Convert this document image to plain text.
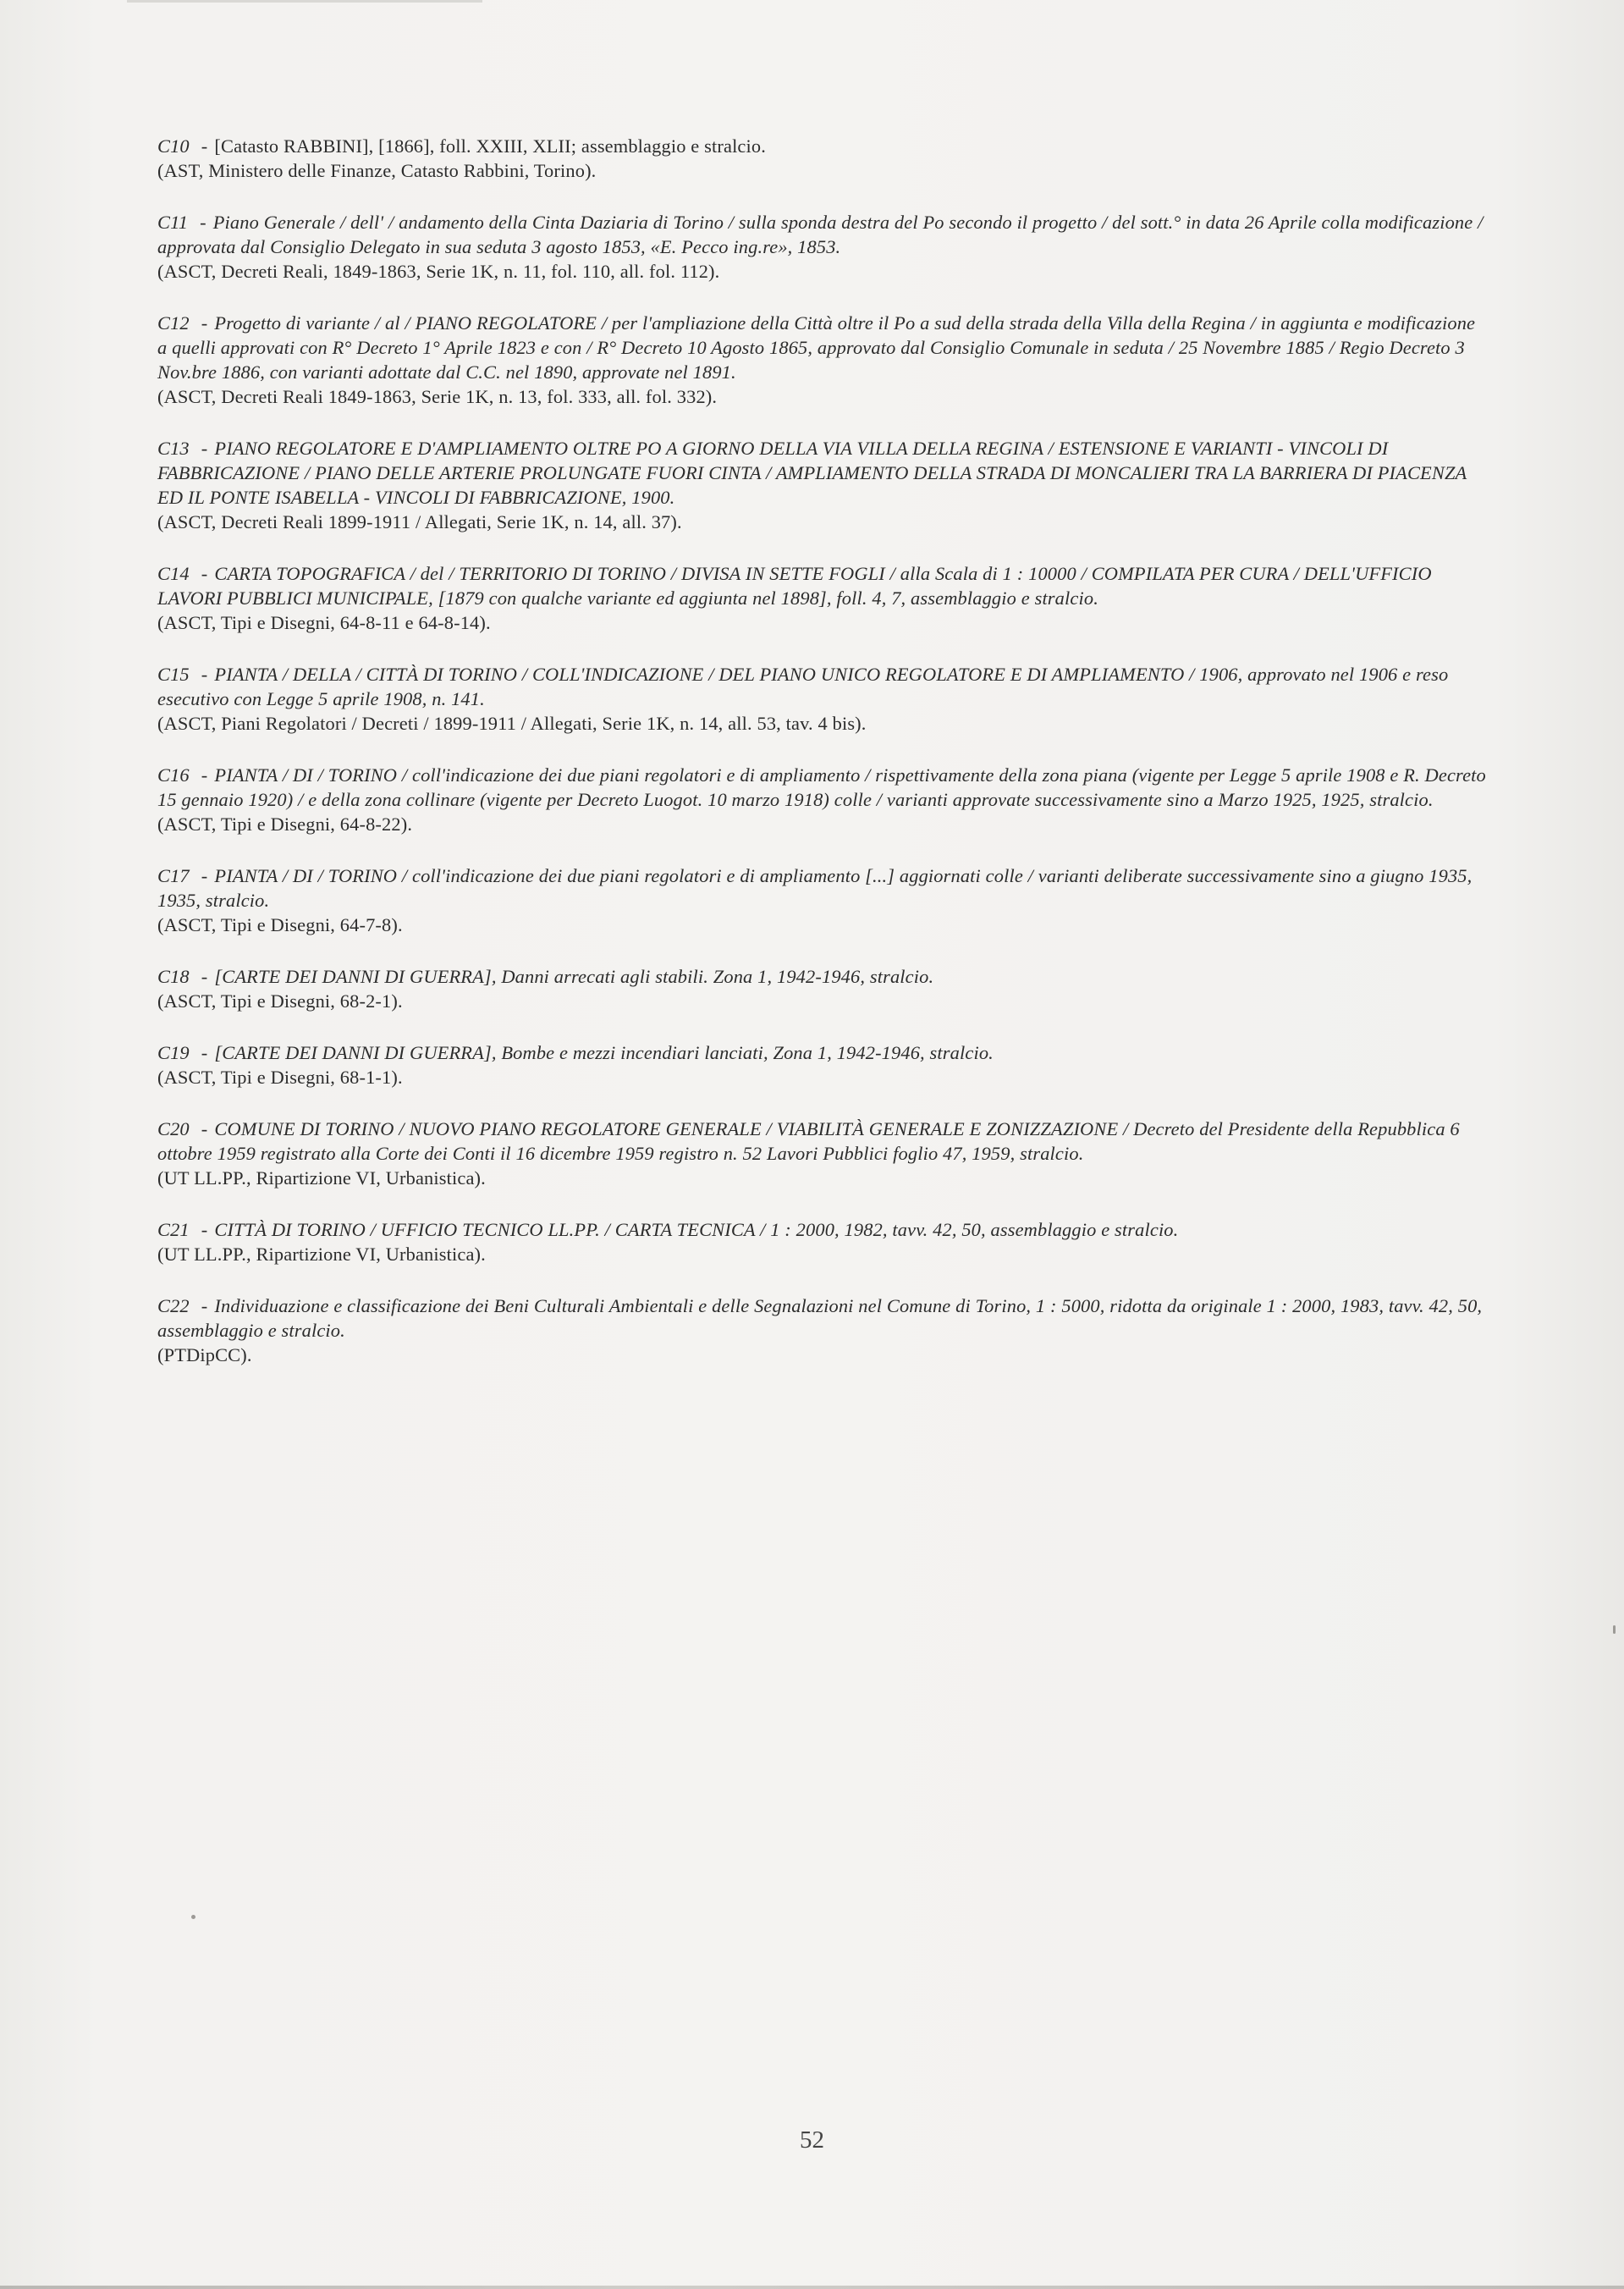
C10 - [Catasto RABBINI], [1866], foll. XXIII, XLII; assemblaggio e stralcio.
(AST, Ministero delle Finanze, Catasto Rabbini, Torino).
C11 - Piano Generale / dell' / andamento della Cinta Daziaria di Torino / sulla sponda destra del Po secondo il progetto / del sott.° in data 26 Aprile colla modificazione / approvata dal Consiglio Delegato in sua seduta 3 agosto 1853, «E. Pecco ing.re», 1853.
(ASCT, Decreti Reali, 1849-1863, Serie 1K, n. 11, fol. 110, all. fol. 112).
C12 - Progetto di variante / al / PIANO REGOLATORE / per l'ampliazione della Città oltre il Po a sud della strada della Villa della Regina / in aggiunta e modificazione a quelli approvati con R° Decreto 1° Aprile 1823 e con / R° Decreto 10 Agosto 1865, approvato dal Consiglio Comunale in seduta / 25 Novembre 1885 / Regio Decreto 3 Nov.bre 1886, con varianti adottate dal C.C. nel 1890, approvate nel 1891.
(ASCT, Decreti Reali 1849-1863, Serie 1K, n. 13, fol. 333, all. fol. 332).
C13 - PIANO REGOLATORE E D'AMPLIAMENTO OLTRE PO A GIORNO DELLA VIA VILLA DELLA REGINA / ESTENSIONE E VARIANTI - VINCOLI DI FABBRICAZIONE / PIANO DELLE ARTERIE PROLUNGATE FUORI CINTA / AMPLIAMENTO DELLA STRADA DI MONCALIERI TRA LA BARRIERA DI PIACENZA ED IL PONTE ISABELLA - VINCOLI DI FABBRICAZIONE, 1900.
(ASCT, Decreti Reali 1899-1911 / Allegati, Serie 1K, n. 14, all. 37).
C14 - CARTA TOPOGRAFICA / del / TERRITORIO DI TORINO / DIVISA IN SETTE FOGLI / alla Scala di 1 : 10000 / COMPILATA PER CURA / DELL'UFFICIO LAVORI PUBBLICI MUNICIPALE, [1879 con qualche variante ed aggiunta nel 1898], foll. 4, 7, assemblaggio e stralcio.
(ASCT, Tipi e Disegni, 64-8-11 e 64-8-14).
C15 - PIANTA / DELLA / CITTÀ DI TORINO / COLL'INDICAZIONE / DEL PIANO UNICO REGOLATORE E DI AMPLIAMENTO / 1906, approvato nel 1906 e reso esecutivo con Legge 5 aprile 1908, n. 141.
(ASCT, Piani Regolatori / Decreti / 1899-1911 / Allegati, Serie 1K, n. 14, all. 53, tav. 4 bis).
C16 - PIANTA / DI / TORINO / coll'indicazione dei due piani regolatori e di ampliamento / rispettivamente della zona piana (vigente per Legge 5 aprile 1908 e R. Decreto 15 gennaio 1920) / e della zona collinare (vigente per Decreto Luogot. 10 marzo 1918) colle / varianti approvate successivamente sino a Marzo 1925, 1925, stralcio.
(ASCT, Tipi e Disegni, 64-8-22).
C17 - PIANTA / DI / TORINO / coll'indicazione dei due piani regolatori e di ampliamento [...] aggiornati colle / varianti deliberate successivamente sino a giugno 1935, 1935, stralcio.
(ASCT, Tipi e Disegni, 64-7-8).
C18 - [CARTE DEI DANNI DI GUERRA], Danni arrecati agli stabili. Zona 1, 1942-1946, stralcio.
(ASCT, Tipi e Disegni, 68-2-1).
C19 - [CARTE DEI DANNI DI GUERRA], Bombe e mezzi incendiari lanciati, Zona 1, 1942-1946, stralcio.
(ASCT, Tipi e Disegni, 68-1-1).
C20 - COMUNE DI TORINO / NUOVO PIANO REGOLATORE GENERALE / VIABILITÀ GENERALE E ZONIZZAZIONE / Decreto del Presidente della Repubblica 6 ottobre 1959 registrato alla Corte dei Conti il 16 dicembre 1959 registro n. 52 Lavori Pubblici foglio 47, 1959, stralcio.
(UT LL.PP., Ripartizione VI, Urbanistica).
C21 - CITTÀ DI TORINO / UFFICIO TECNICO LL.PP. / CARTA TECNICA / 1 : 2000, 1982, tavv. 42, 50, assemblaggio e stralcio.
(UT LL.PP., Ripartizione VI, Urbanistica).
C22 - Individuazione e classificazione dei Beni Culturali Ambientali e delle Segnalazioni nel Comune di Torino, 1 : 5000, ridotta da originale 1 : 2000, 1983, tavv. 42, 50, assemblaggio e stralcio.
(PTDipCC).
52
